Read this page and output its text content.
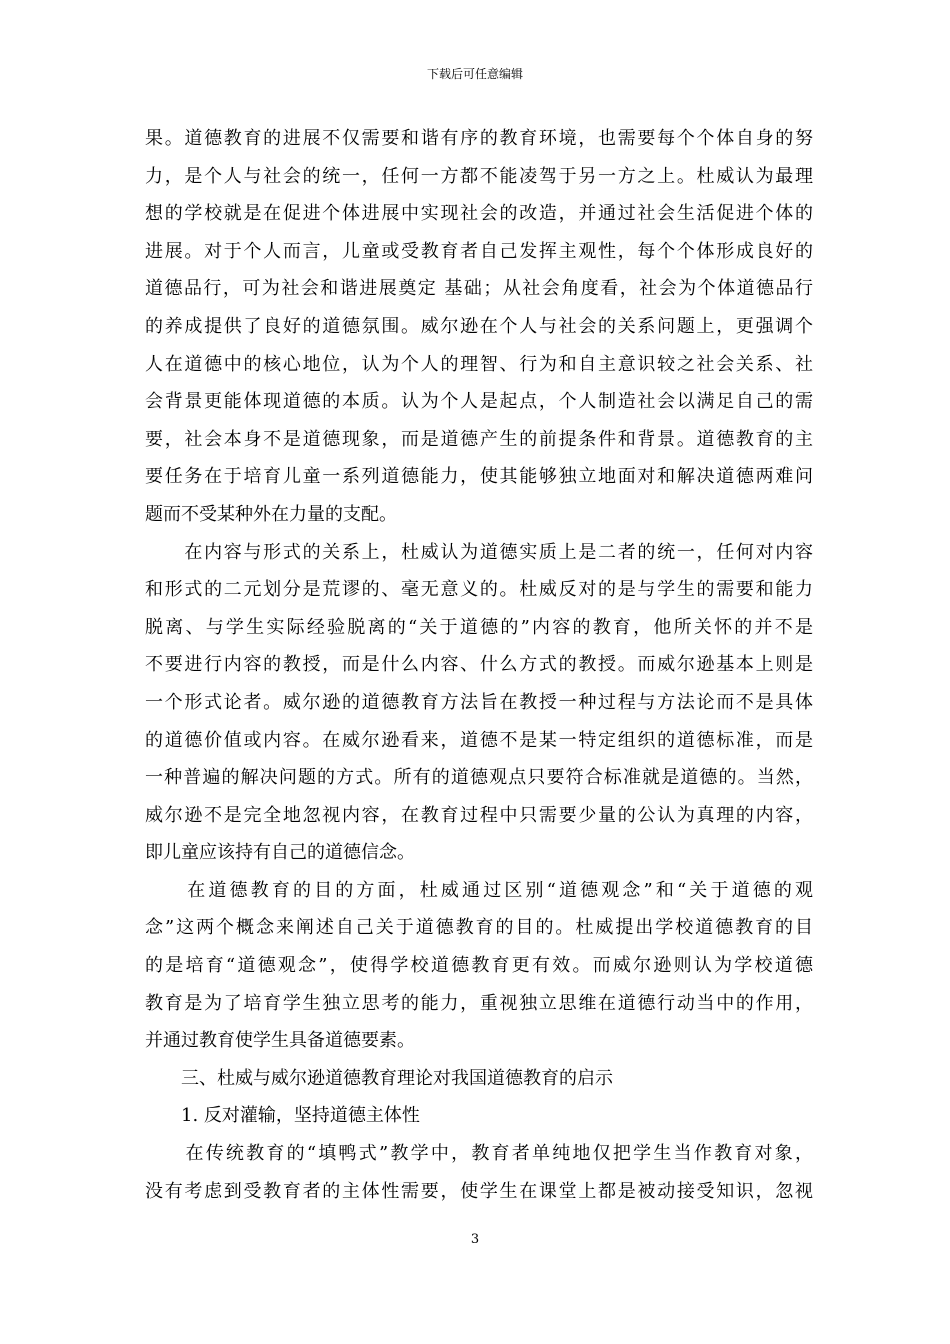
下载后可任意编辑
果。道德教育的进展不仅需要和谐有序的教育环境，也需要每个个体自身的努
力，是个人与社会的统一，任何一方都不能凌驾于另一方之上。杜威认为最理
想的学校就是在促进个体进展中实现社会的改造，并通过社会生活促进个体的
进展。对于个人而言，儿童或受教育者自己发挥主观性，每个个体形成良好的
道德品行，可为社会和谐进展奠定 基础；从社会角度看，社会为个体道德品行
的养成提供了良好的道德氛围。威尔逊在个人与社会的关系问题上，更强调个
人在道德中的核心地位，认为个人的理智、行为和自主意识较之社会关系、社
会背景更能体现道德的本质。认为个人是起点，个人制造社会以满足自己的需
要，社会本身不是道德现象，而是道德产生的前提条件和背景。道德教育的主
要任务在于培育儿童一系列道德能力，使其能够独立地面对和解决道德两难问
题而不受某种外在力量的支配。
　　在内容与形式的关系上，杜威认为道德实质上是二者的统一，任何对内容
和形式的二元划分是荒谬的、毫无意义的。杜威反对的是与学生的需要和能力
脱离、与学生实际经验脱离的“关于道德的”内容的教育，他所关怀的并不是
不要进行内容的教授，而是什么内容、什么方式的教授。而威尔逊基本上则是
一个形式论者。威尔逊的道德教育方法旨在教授一种过程与方法论而不是具体
的道德价值或内容。在威尔逊看来，道德不是某一特定组织的道德标准，而是
一种普遍的解决问题的方式。所有的道德观点只要符合标准就是道德的。当然，
威尔逊不是完全地忽视内容，在教育过程中只需要少量的公认为真理的内容，
即儿童应该持有自己的道德信念。
　　在道德教育的目的方面，杜威通过区别“道德观念”和“关于道德的观
念”这两个概念来阐述自己关于道德教育的目的。杜威提出学校道德教育的目
的是培育“道德观念”，使得学校道德教育更有效。而威尔逊则认为学校道德
教育是为了培育学生独立思考的能力，重视独立思维在道德行动当中的作用，
并通过教育使学生具备道德要素。
　　三、杜威与威尔逊道德教育理论对我国道德教育的启示
　　1. 反对灌输，坚持道德主体性
　　在传统教育的“填鸭式”教学中，教育者单纯地仅把学生当作教育对象，
没有考虑到受教育者的主体性需要，使学生在课堂上都是被动接受知识，忽视
3
